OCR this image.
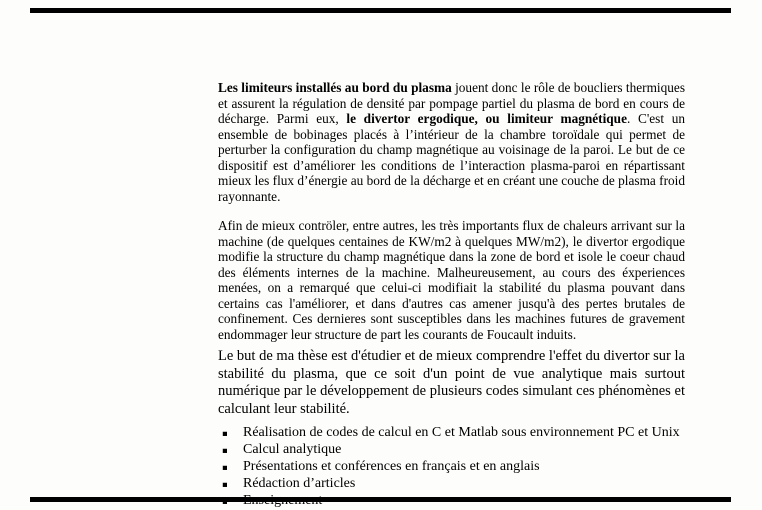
Les limiteurs installés au bord du plasma jouent donc le rôle de boucliers thermiques et assurent la régulation de densité par pompage partiel du plasma de bord en cours de décharge. Parmi eux, le divertor ergodique, ou limiteur magnétique. C'est un ensemble de bobinages placés à l’intérieur de la chambre toroïdale qui permet de perturber la configuration du champ magnétique au voisinage de la paroi. Le but de ce dispositif est d’améliorer les conditions de l’interaction plasma-paroi en répartissant mieux les flux d’énergie au bord de la décharge et en créant une couche de plasma froid rayonnante.

Afin de mieux contröler, entre autres, les très importants flux de chaleurs arrivant sur la machine (de quelques centaines de KW/m2 à quelques MW/m2), le divertor ergodique modifie la structure du champ magnétique dans la zone de bord et isole le coeur chaud des éléments internes de la machine. Malheureusement, au cours des éxperiences menées, on a remarqué que celui-ci modifiait la stabilité du plasma pouvant dans certains cas l'améliorer, et dans d'autres cas amener jusqu'à des pertes brutales de confinement. Ces dernieres sont susceptibles dans les machines futures de gravement endommager leur structure de part les courants de Foucault induits.

Le but de ma thèse est d'étudier et de mieux comprendre l'effet du divertor sur la stabilité du plasma, que ce soit d'un point de vue analytique mais surtout numérique par le développement de plusieurs codes simulant ces phénomènes et calculant leur stabilité.

▪	Réalisation de codes de calcul en C et Matlab sous environnement PC et Unix
▪	Calcul analytique
▪	Présentations et conférences en français et en anglais
▪	Rédaction d’articles
▪	Enseignement
